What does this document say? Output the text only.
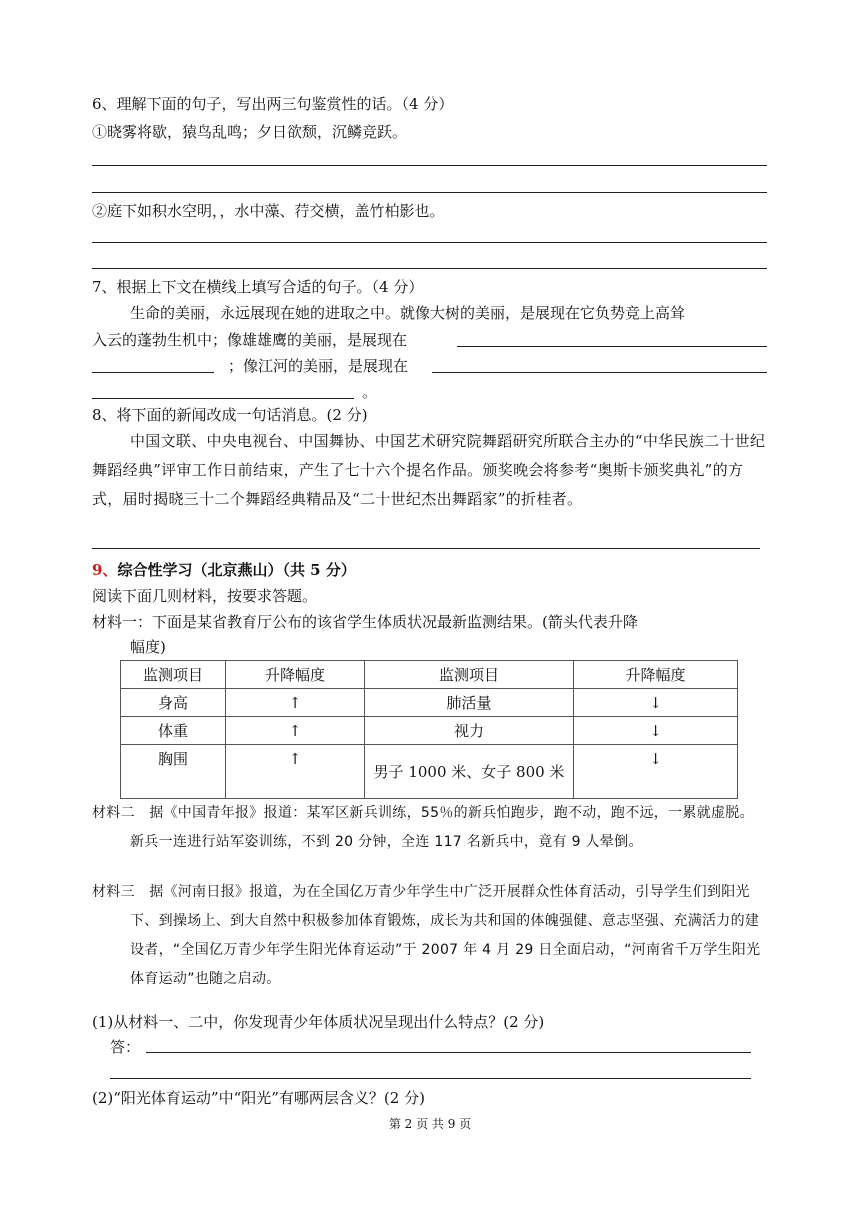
6、理解下面的句子，写出两三句鉴赏性的话。（4 分）
①晓雾将歇，猿鸟乱鸣；夕日欲颓，沉鳞竞跃。
②庭下如积水空明，，水中藻、荇交横，盖竹柏影也。
7、根据上下文在横线上填写合适的句子。（4 分）
生命的美丽，永远展现在她的进取之中。就像大树的美丽，是展现在它负势竞上高耸
入云的蓬勃生机中；像雄雄鹰的美丽，是展现在
；像江河的美丽，是展现在
。
8、将下面的新闻改成一句话消息。(2 分)
中国文联、中央电视台、中国舞协、中国艺术研究院舞蹈研究所联合主办的“中华民族二十世纪舞蹈经典”评审工作日前结束，产生了七十六个提名作品。颁奖晚会将参考“奥斯卡颁奖典礼”的方式，届时揭晓三十二个舞蹈经典精品及“二十世纪杰出舞蹈家”的折桂者。
9、综合性学习（北京燕山）（共 5 分）
阅读下面几则材料，按要求答题。
材料一：下面是某省教育厅公布的该省学生体质状况最新监测结果。(箭头代表升降
幅度)
监测项目	升降幅度	监测项目	升降幅度
身高	↑	肺活量	↓
体重	↑	视力	↓
胸围	↑	男子 1000 米、女子 800 米	↓
材料二　据《中国青年报》报道：某军区新兵训练，55％的新兵怕跑步，跑不动，跑不远，一累就虚脱。新兵一连进行站军姿训练，不到 20 分钟，全连 117 名新兵中，竟有 9 人晕倒。
材料三　据《河南日报》报道，为在全国亿万青少年学生中广泛开展群众性体育活动，引导学生们到阳光下、到操场上、到大自然中积极参加体育锻炼，成长为共和国的体魄强健、意志坚强、充满活力的建设者，“全国亿万青少年学生阳光体育运动”于 2007 年 4 月 29 日全面启动，“河南省千万学生阳光体育运动”也随之启动。
(1)从材料一、二中，你发现青少年体质状况呈现出什么特点？(2 分)
答：
(2)“阳光体育运动”中“阳光”有哪两层含义？(2 分)
第 2 页 共 9 页
